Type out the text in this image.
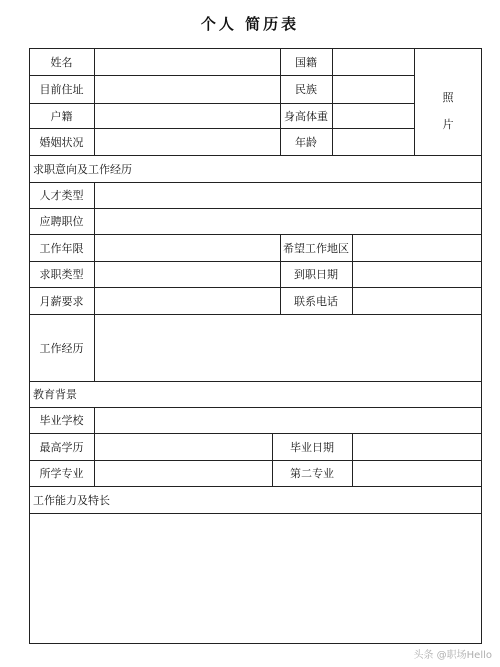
个人 简历表
姓名	国籍
目前住址	民族
户籍	身高体重
婚姻状况	年龄
照
片
求职意向及工作经历
人才类型
应聘职位
工作年限	希望工作地区
求职类型	到职日期
月薪要求	联系电话
工作经历
教育背景
毕业学校
最高学历	毕业日期
所学专业	第二专业
工作能力及特长
头条 @职场Hello
